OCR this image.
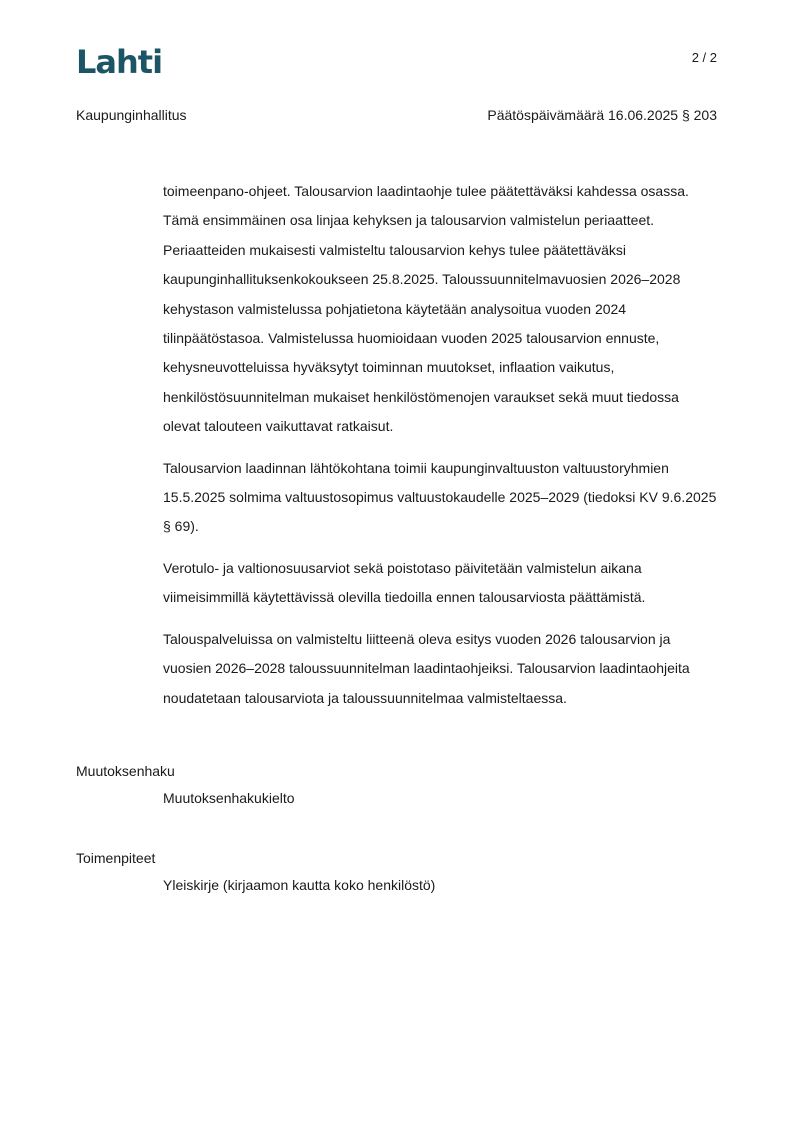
Lahti	2 / 2
Kaupunginhallitus	Päätöspäivämäärä 16.06.2025 § 203

toimeenpano-ohjeet. Talousarvion laadintaohje tulee päätettäväksi kahdessa osassa. Tämä ensimmäinen osa linjaa kehyksen ja talousarvion valmistelun periaatteet. Periaatteiden mukaisesti valmisteltu talousarvion kehys tulee päätettäväksi kaupunginhallituksenkokoukseen 25.8.2025. Taloussuunnitelmavuosien 2026–2028 kehystason valmistelussa pohjatietona käytetään analysoitua vuoden 2024 tilinpäätöstasoa. Valmistelussa huomioidaan vuoden 2025 talousarvion ennuste, kehysneuvotteluissa hyväksytyt toiminnan muutokset, inflaation vaikutus, henkilöstösuunnitelman mukaiset henkilöstömenojen varaukset sekä muut tiedossa olevat talouteen vaikuttavat ratkaisut.

Talousarvion laadinnan lähtökohtana toimii kaupunginvaltuuston valtuustoryhmien 15.5.2025 solmima valtuustosopimus valtuustokaudelle 2025–2029 (tiedoksi KV 9.6.2025 § 69).

Verotulo- ja valtionosuusarviot sekä poistotaso päivitetään valmistelun aikana viimeisimmillä käytettävissä olevilla tiedoilla ennen talousarviosta päättämistä.

Talouspalveluissa on valmisteltu liitteenä oleva esitys vuoden 2026 talousarvion ja vuosien 2026–2028 taloussuunnitelman laadintaohjeiksi. Talousarvion laadintaohjeita noudatetaan talousarviota ja taloussuunnitelmaa valmisteltaessa.

Muutoksenhaku
Muutoksenhakukielto
Toimenpiteet
Yleiskirje (kirjaamon kautta koko henkilöstö)
